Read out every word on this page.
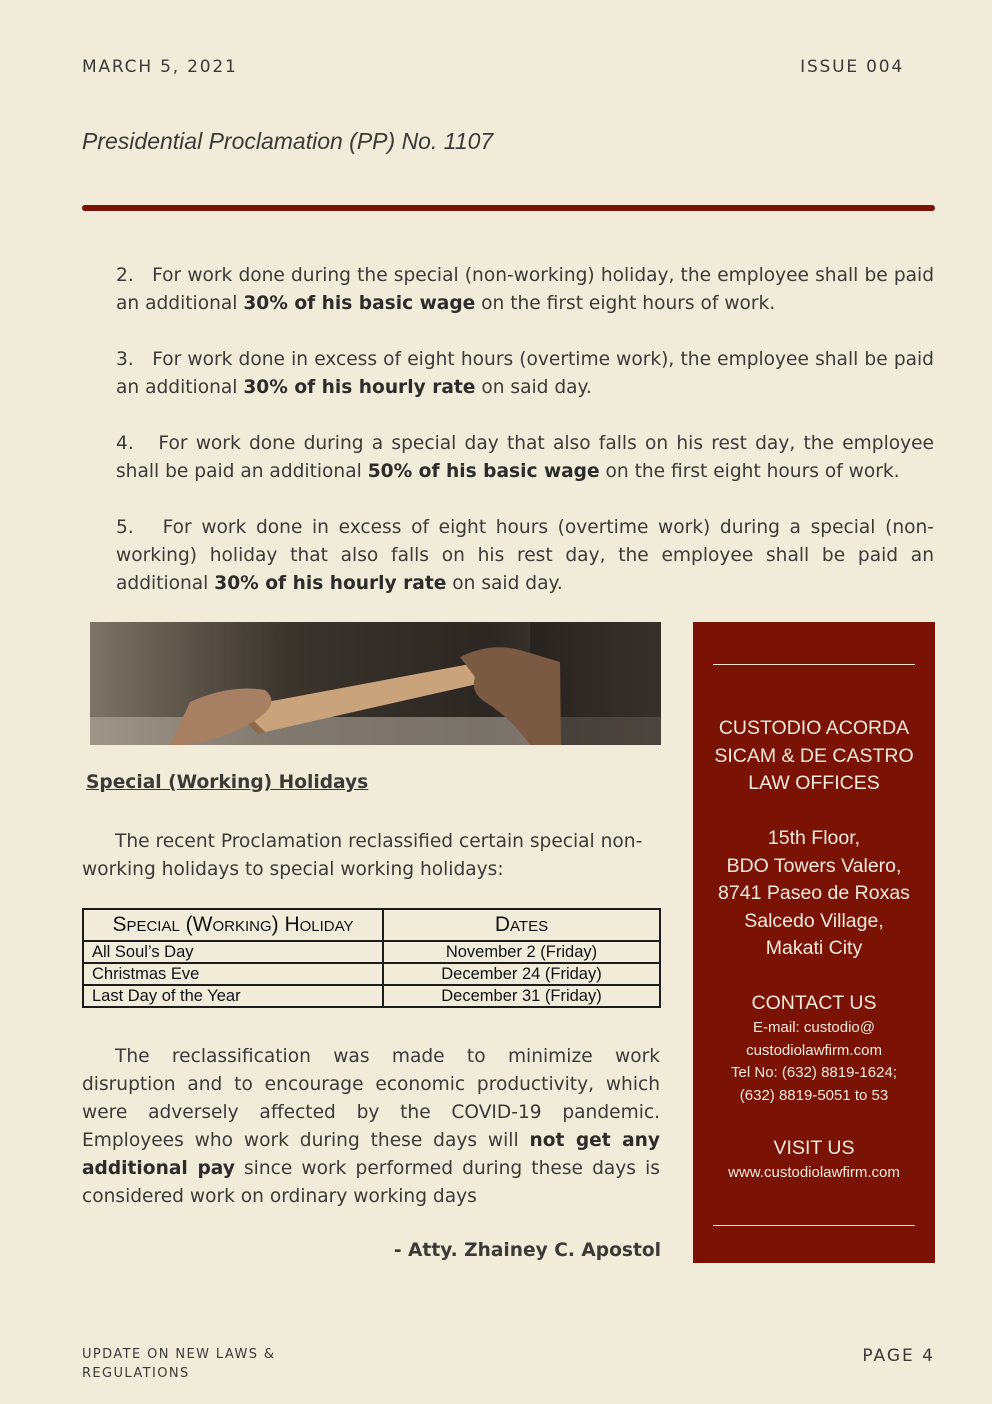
MARCH 5, 2021	ISSUE 004
Presidential Proclamation (PP) No. 1107

2.   For work done during the special (non-working) holiday, the employee shall be paid an additional 30% of his basic wage on the first eight hours of work.

3.   For work done in excess of eight hours (overtime work), the employee shall be paid an additional 30% of his hourly rate on said day.

4.   For work done during a special day that also falls on his rest day, the employee shall be paid an additional 50% of his basic wage on the first eight hours of work.

5.   For work done in excess of eight hours (overtime work) during a special (non-working) holiday that also falls on his rest day, the employee shall be paid an additional 30% of his hourly rate on said day.

Special (Working) Holidays
The recent Proclamation reclassified certain special non-working holidays to special working holidays:
Special (Working) Holiday	Dates
All Soul’s Day	November 2 (Friday)
Christmas Eve	December 24 (Friday)
Last Day of the Year	December 31 (Friday)
The reclassification was made to minimize work disruption and to encourage economic productivity, which were adversely affected by the COVID-19 pandemic. Employees who work during these days will not get any additional pay since work performed during these days is considered work on ordinary working days
- Atty. Zhainey C. Apostol
CUSTODIO ACORDA
SICAM & DE CASTRO
LAW OFFICES
15th Floor,
BDO Towers Valero,
8741 Paseo de Roxas
Salcedo Village,
Makati City
CONTACT US
E-mail: custodio@
custodiolawfirm.com
Tel No: (632) 8819-1624;
(632) 8819-5051 to 53
VISIT US
www.custodiolawfirm.com
UPDATE ON NEW LAWS &
REGULATIONS
PAGE 4
